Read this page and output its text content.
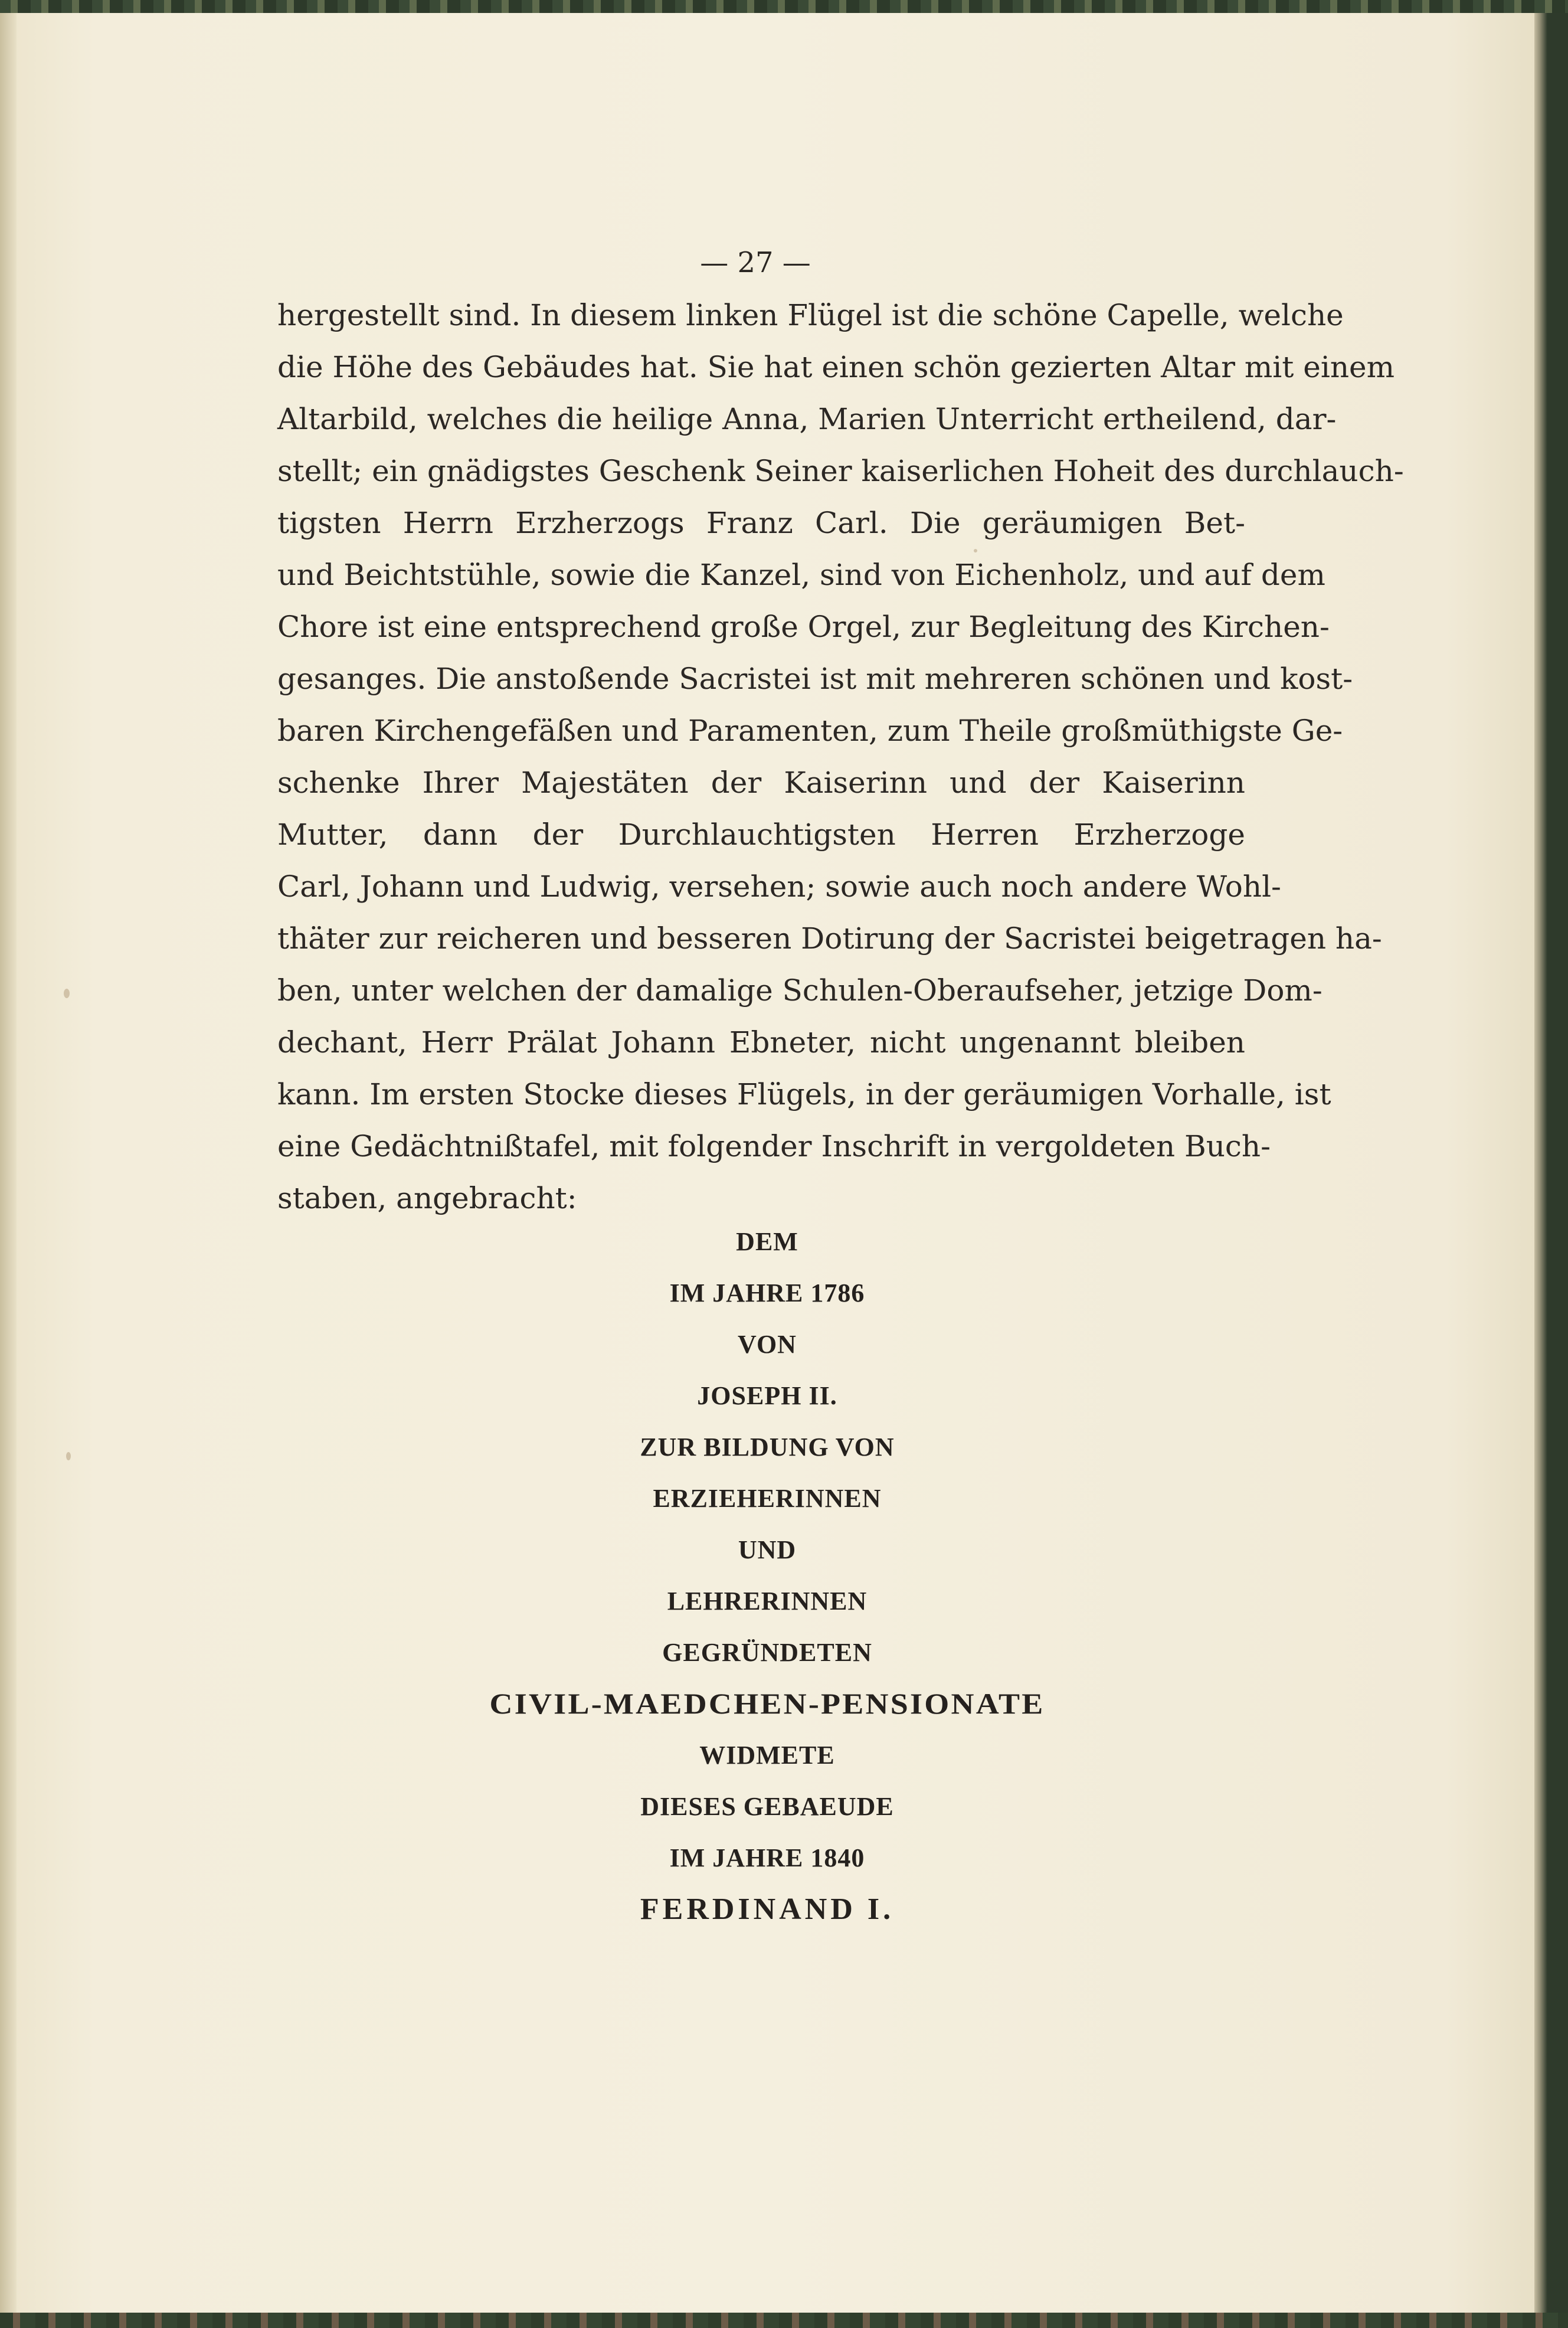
— 27 —
hergestellt sind. In diesem linken Flügel ist die schöne Capelle, welche
die Höhe des Gebäudes hat. Sie hat einen schön gezierten Altar mit einem
Altarbild, welches die heilige Anna, Marien Unterricht ertheilend, dar-
stellt; ein gnädigstes Geschenk Seiner kaiserlichen Hoheit des durchlauch-
tigsten Herrn Erzherzogs Franz Carl. Die geräumigen Bet-
und Beichtstühle, sowie die Kanzel, sind von Eichenholz, und auf dem
Chore ist eine entsprechend große Orgel, zur Begleitung des Kirchen-
gesanges. Die anstoßende Sacristei ist mit mehreren schönen und kost-
baren Kirchengefäßen und Paramenten, zum Theile großmüthigste Ge-
schenke Ihrer Majestäten der Kaiserinn und der Kaiserinn
Mutter, dann der Durchlauchtigsten Herren Erzherzoge
Carl, Johann und Ludwig, versehen; sowie auch noch andere Wohl-
thäter zur reicheren und besseren Dotirung der Sacristei beigetragen ha-
ben, unter welchen der damalige Schulen-Oberaufseher, jetzige Dom-
dechant, Herr Prälat Johann Ebneter, nicht ungenannt bleiben
kann. Im ersten Stocke dieses Flügels, in der geräumigen Vorhalle, ist
eine Gedächtnißtafel, mit folgender Inschrift in vergoldeten Buch-
staben, angebracht:
DEM
IM JAHRE 1786
VON
JOSEPH II.
ZUR BILDUNG VON
ERZIEHERINNEN
UND
LEHRERINNEN
GEGRÜNDETEN
CIVIL-MAEDCHEN-PENSIONATE
WIDMETE
DIESES GEBAEUDE
IM JAHRE 1840
FERDINAND I.
